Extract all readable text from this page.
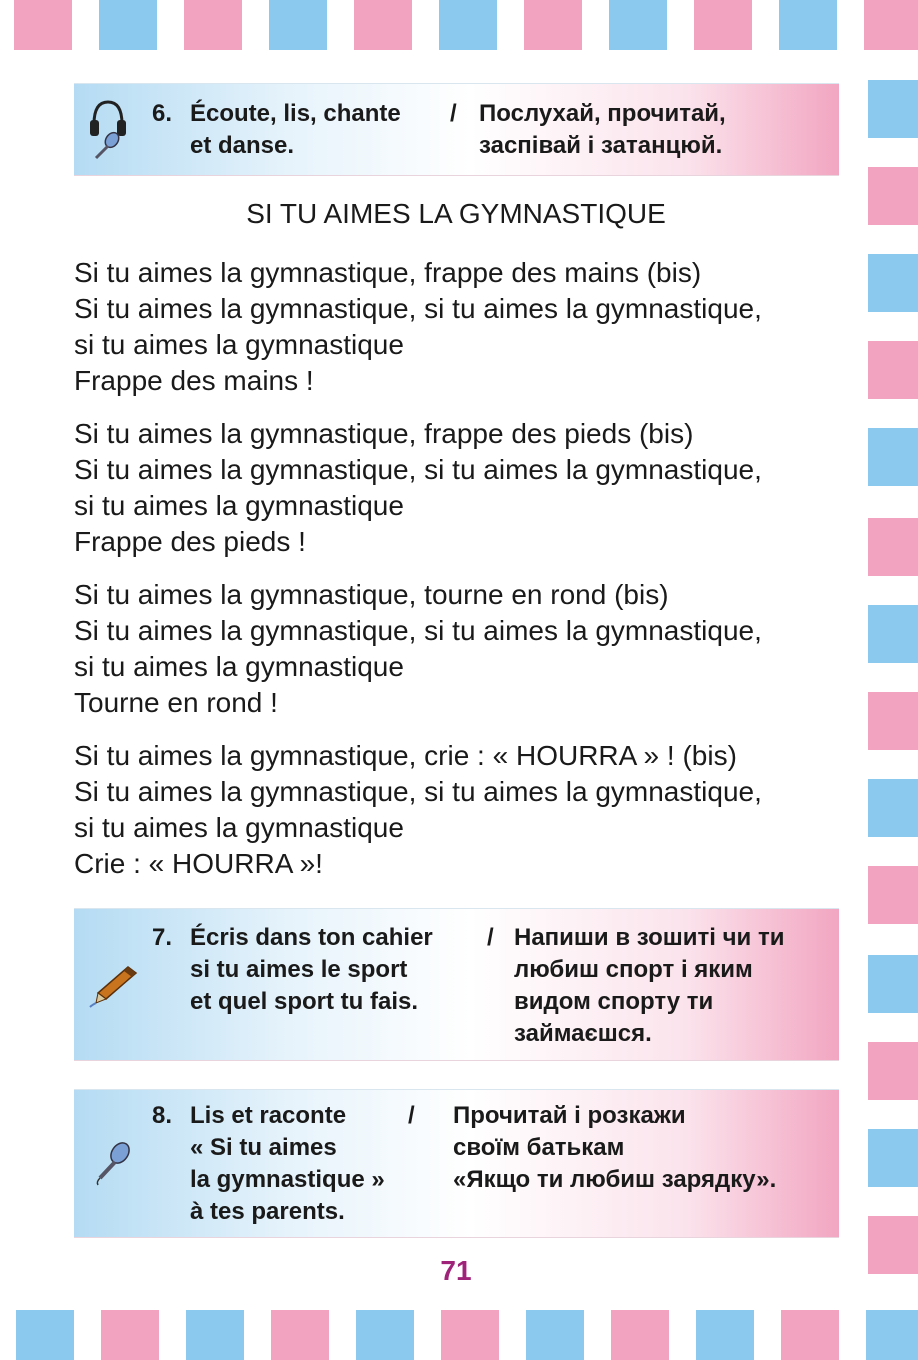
6. Écoute, lis, chante
et danse.
/ Послухай, прочитай,
заспівай і затанцюй.
SI TU AIMES LA GYMNASTIQUE
Si tu aimes la gymnastique, frappe des mains (bis)
Si tu aimes la gymnastique, si tu aimes la gymnastique,
si tu aimes la gymnastique
Frappe des mains !
Si tu aimes la gymnastique, frappe des pieds (bis)
Si tu aimes la gymnastique, si tu aimes la gymnastique,
si tu aimes la gymnastique
Frappe des pieds !
Si tu aimes la gymnastique, tourne en rond (bis)
Si tu aimes la gymnastique, si tu aimes la gymnastique,
si tu aimes la gymnastique
Tourne en rond !
Si tu aimes la gymnastique, crie : « HOURRA » ! (bis)
Si tu aimes la gymnastique, si tu aimes la gymnastique,
si tu aimes la gymnastique
Crie : « HOURRA »!
7. Écris dans ton cahier
si tu aimes le sport
et quel sport tu fais.
/ Напиши в зошиті чи ти
любиш спорт і яким
видом спорту ти
займаєшся.
8. Lis et raconte
« Si tu aimes
la gymnastique »
à tes parents.
/ Прочитай і розкажи
своїм батькам
«Якщо ти любиш зарядку».
71
